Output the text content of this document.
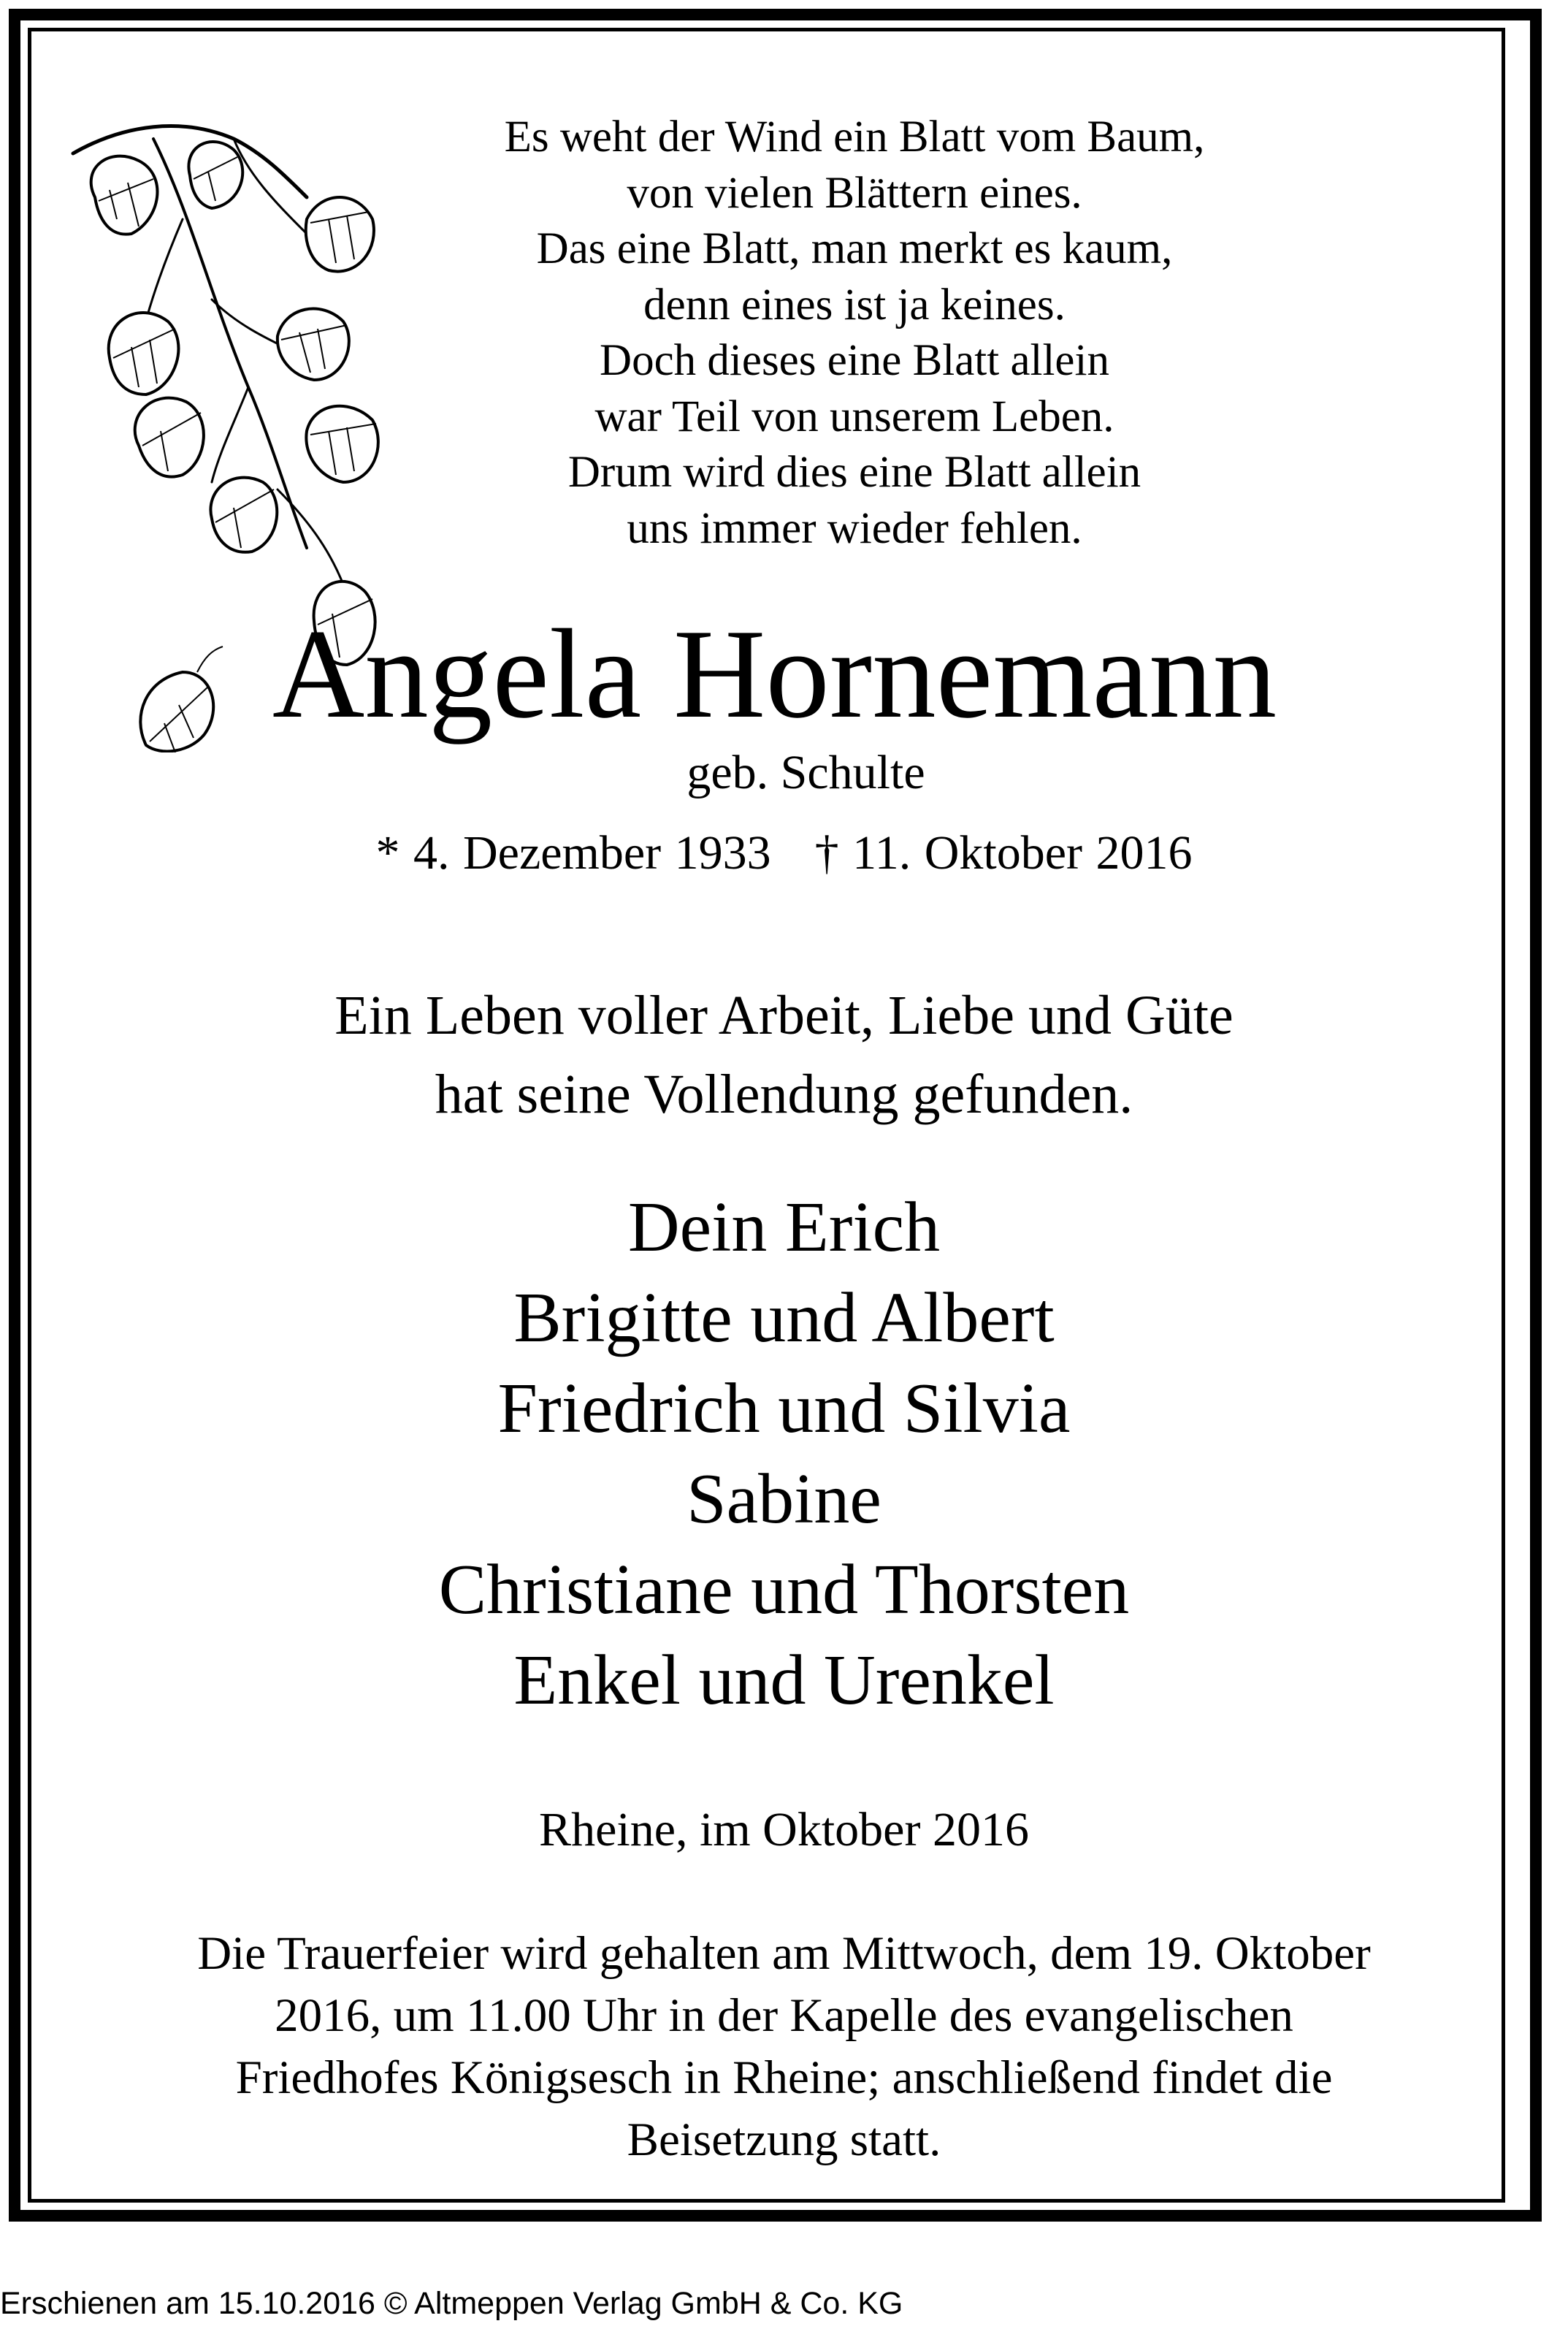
Es weht der Wind ein Blatt vom Baum,
von vielen Blättern eines.
Das eine Blatt, man merkt es kaum,
denn eines ist ja keines.
Doch dieses eine Blatt allein
war Teil von unserem Leben.
Drum wird dies eine Blatt allein
uns immer wieder fehlen.
Angela Hornemann
geb. Schulte
* 4. Dezember 1933 † 11. Oktober 2016
Ein Leben voller Arbeit, Liebe und Güte
hat seine Vollendung gefunden.
Dein Erich
Brigitte und Albert
Friedrich und Silvia
Sabine
Christiane und Thorsten
Enkel und Urenkel
Rheine, im Oktober 2016
Die Trauerfeier wird gehalten am Mittwoch, dem 19. Oktober
2016, um 11.00 Uhr in der Kapelle des evangelischen
Friedhofes Königsesch in Rheine; anschließend findet die
Beisetzung statt.
Erschienen am 15.10.2016 © Altmeppen Verlag GmbH & Co. KG
